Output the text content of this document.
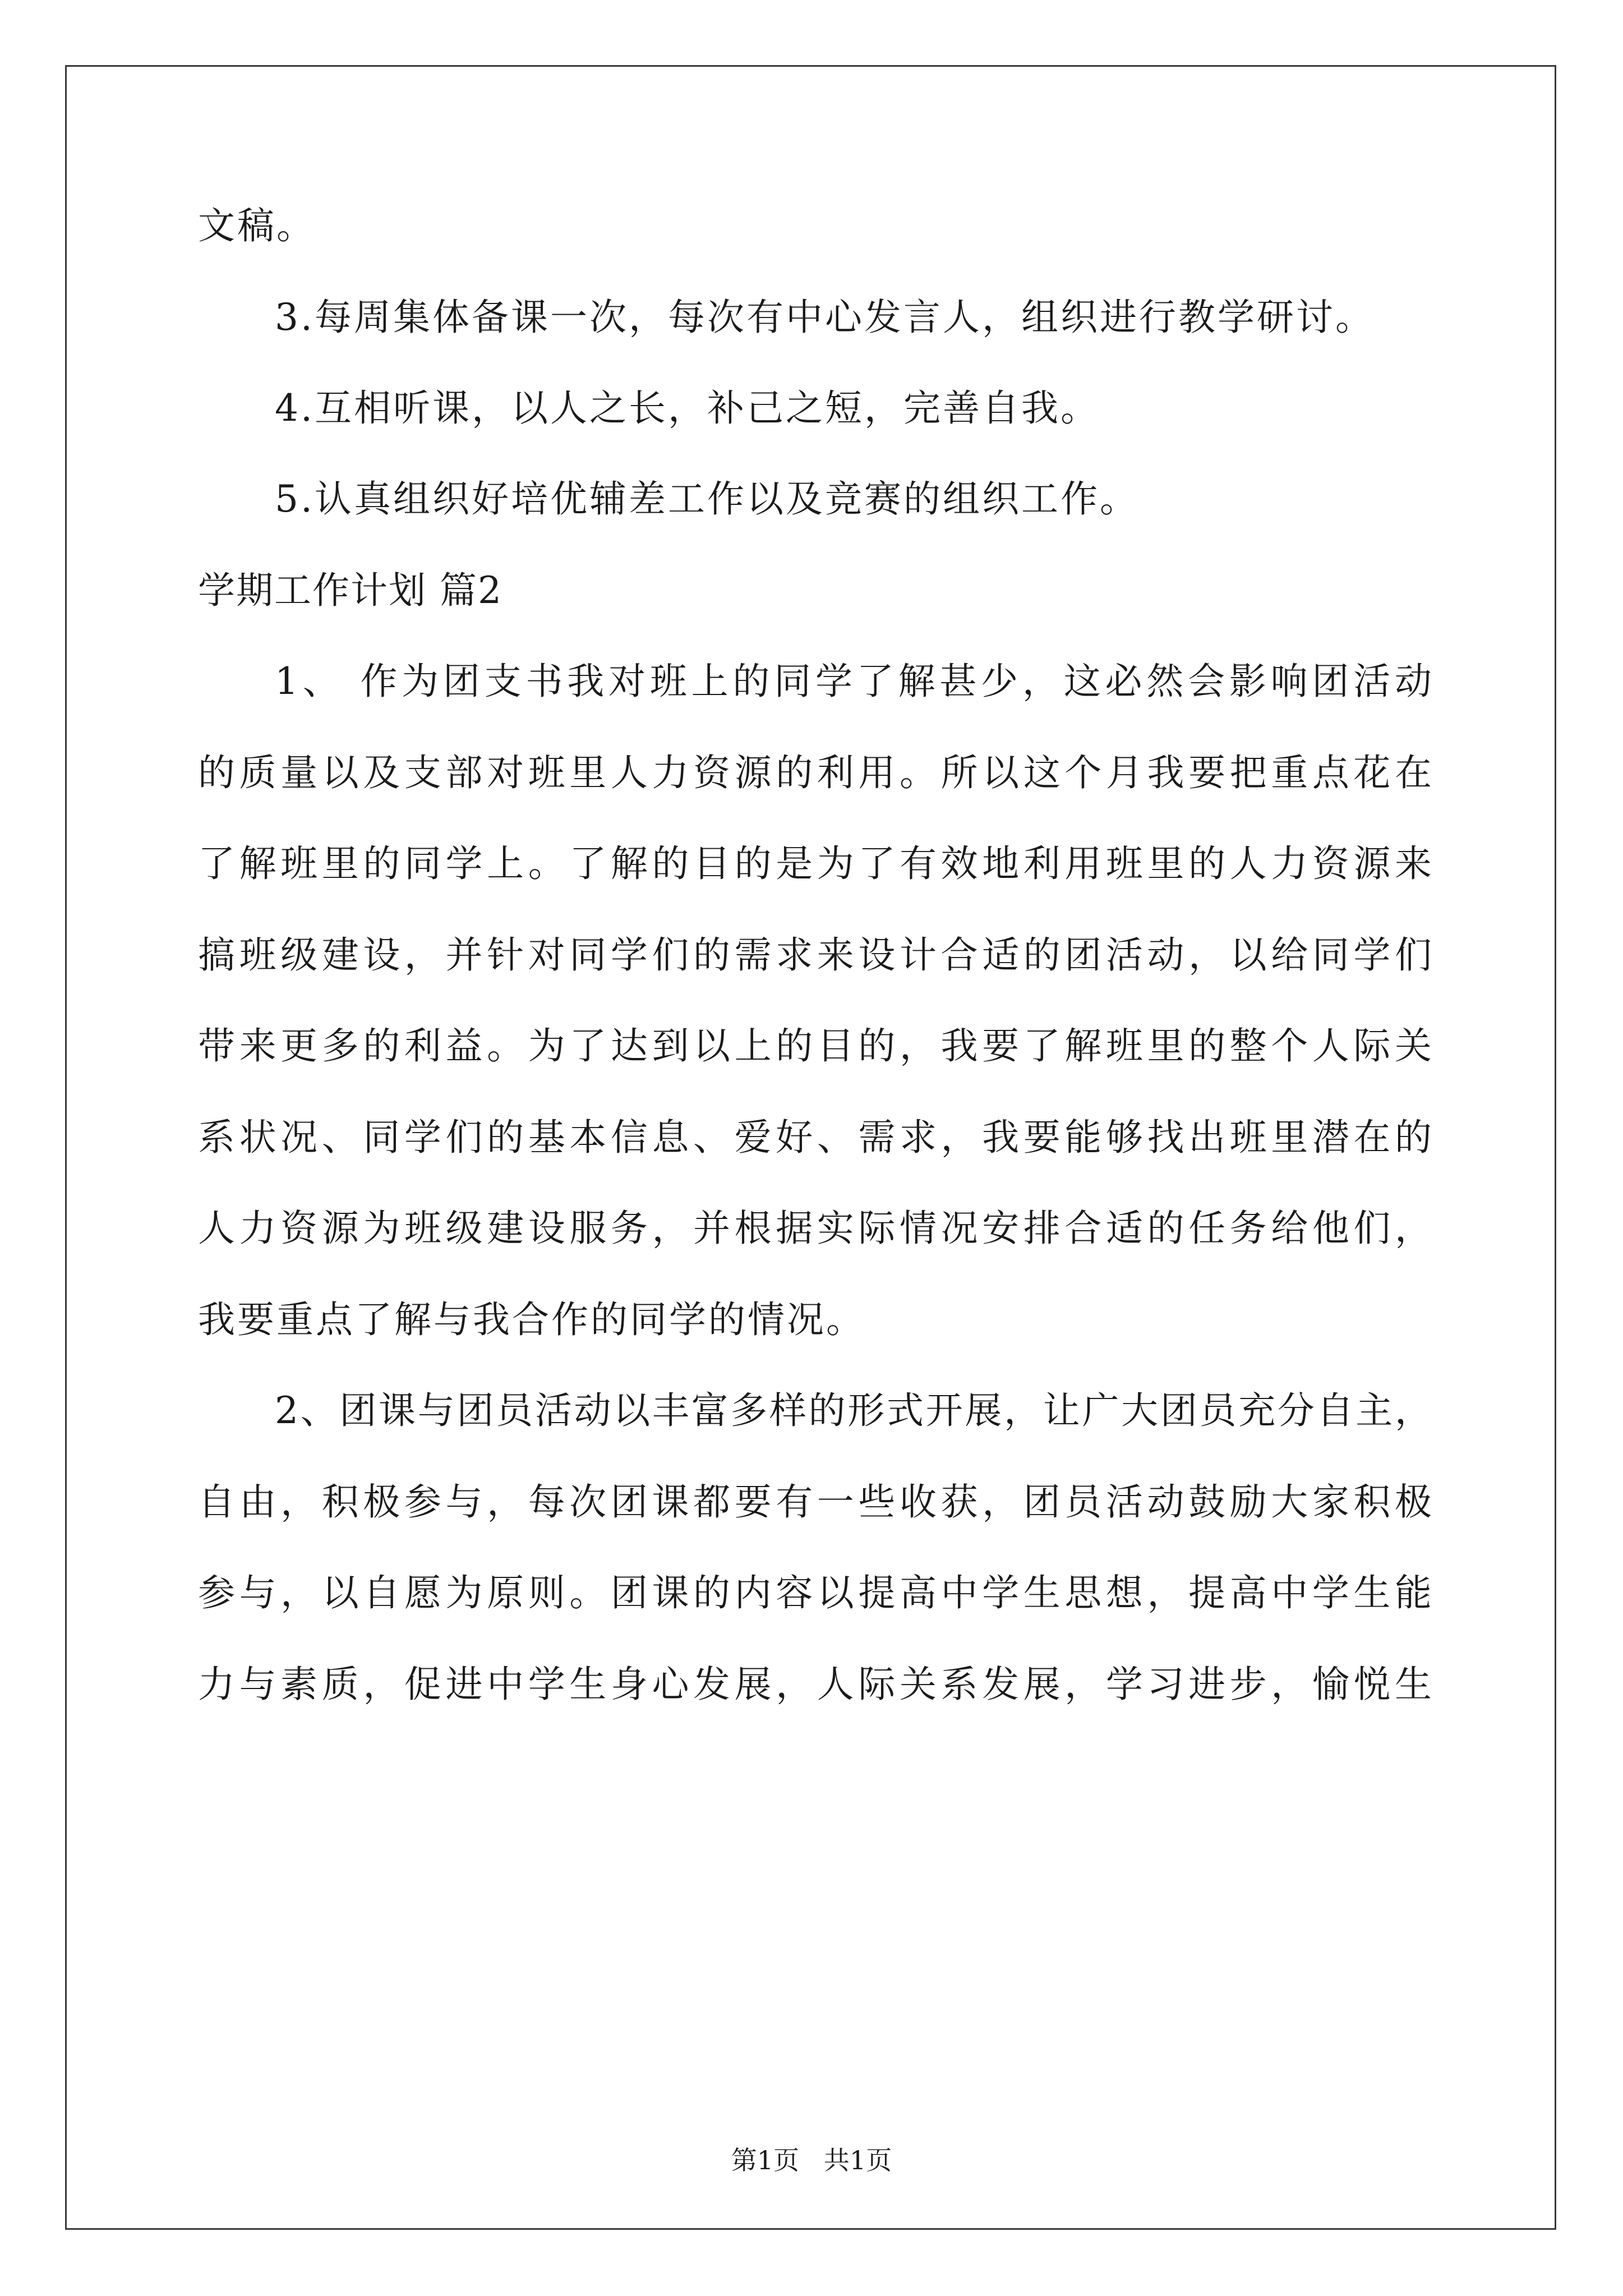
文稿。
3.每周集体备课一次，每次有中心发言人，组织进行教学研讨。
4.互相听课，以人之长，补己之短，完善自我。
5.认真组织好培优辅差工作以及竞赛的组织工作。
学期工作计划 篇2
1、 作为团支书我对班上的同学了解甚少，这必然会影响团活动
的质量以及支部对班里人力资源的利用。所以这个月我要把重点花在
了解班里的同学上。了解的目的是为了有效地利用班里的人力资源来
搞班级建设，并针对同学们的需求来设计合适的团活动，以给同学们
带来更多的利益。为了达到以上的目的，我要了解班里的整个人际关
系状况、同学们的基本信息、爱好、需求，我要能够找出班里潜在的
人力资源为班级建设服务，并根据实际情况安排合适的任务给他们，
我要重点了解与我合作的同学的情况。
2、团课与团员活动以丰富多样的形式开展，让广大团员充分自主，
自由，积极参与，每次团课都要有一些收获，团员活动鼓励大家积极
参与，以自愿为原则。团课的内容以提高中学生思想，提高中学生能
力与素质，促进中学生身心发展，人际关系发展，学习进步，愉悦生
第1页   共1页
